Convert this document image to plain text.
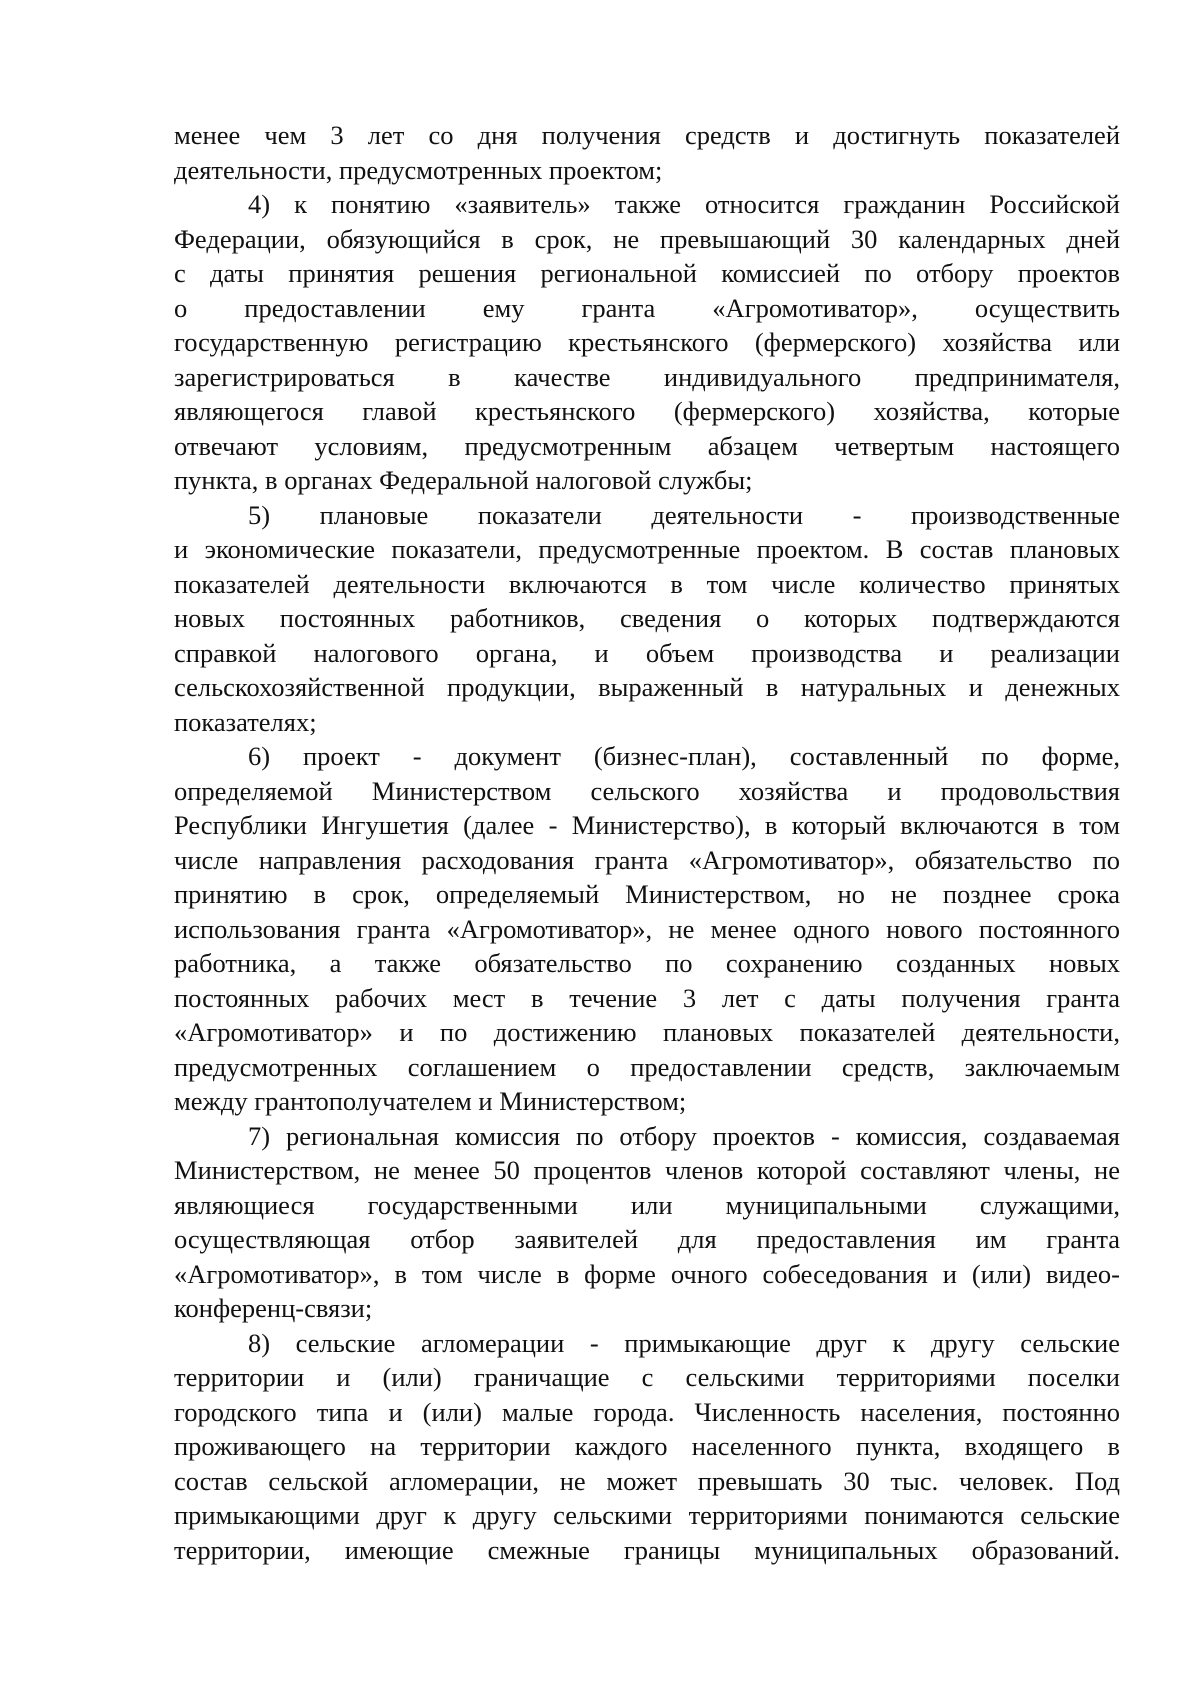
менее чем 3 лет со дня получения средств и достигнуть показателей
деятельности, предусмотренных проектом;
4) к понятию «заявитель» также относится гражданин Российской
Федерации, обязующийся в срок, не превышающий 30 календарных дней
с даты принятия решения региональной комиссией по отбору проектов
о предоставлении ему гранта «Агромотиватор», осуществить
государственную регистрацию крестьянского (фермерского) хозяйства или
зарегистрироваться в качестве индивидуального предпринимателя,
являющегося главой крестьянского (фермерского) хозяйства, которые
отвечают условиям, предусмотренным абзацем четвертым настоящего
пункта, в органах Федеральной налоговой службы;
5) плановые показатели деятельности - производственные
и экономические показатели, предусмотренные проектом. В состав плановых
показателей деятельности включаются в том числе количество принятых
новых постоянных работников, сведения о которых подтверждаются
справкой налогового органа, и объем производства и реализации
сельскохозяйственной продукции, выраженный в натуральных и денежных
показателях;
6) проект - документ (бизнес-план), составленный по форме,
определяемой Министерством сельского хозяйства и продовольствия
Республики Ингушетия (далее - Министерство), в который включаются в том
числе направления расходования гранта «Агромотиватор», обязательство по
принятию в срок, определяемый Министерством, но не позднее срока
использования гранта «Агромотиватор», не менее одного нового постоянного
работника, а также обязательство по сохранению созданных новых
постоянных рабочих мест в течение 3 лет с даты получения гранта
«Агромотиватор» и по достижению плановых показателей деятельности,
предусмотренных соглашением о предоставлении средств, заключаемым
между грантополучателем и Министерством;
7) региональная комиссия по отбору проектов - комиссия, создаваемая
Министерством, не менее 50 процентов членов которой составляют члены, не
являющиеся государственными или муниципальными служащими,
осуществляющая отбор заявителей для предоставления им гранта
«Агромотиватор», в том числе в форме очного собеседования и (или) видео-
конференц-связи;
8) сельские агломерации - примыкающие друг к другу сельские
территории и (или) граничащие с сельскими территориями поселки
городского типа и (или) малые города. Численность населения, постоянно
проживающего на территории каждого населенного пункта, входящего в
состав сельской агломерации, не может превышать 30 тыс. человек. Под
примыкающими друг к другу сельскими территориями понимаются сельские
территории, имеющие смежные границы муниципальных образований.
